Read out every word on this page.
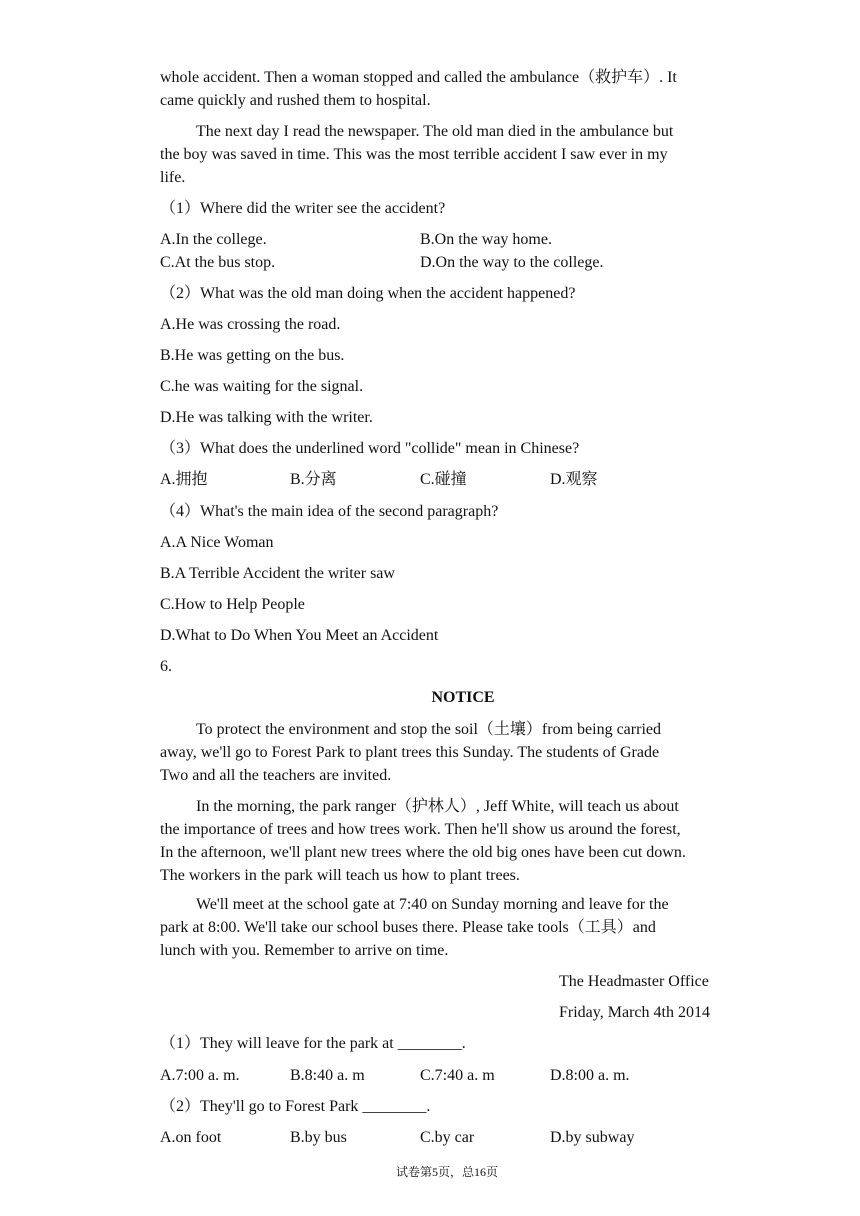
whole accident. Then a woman stopped and called the ambulance（救护车）. It
came quickly and rushed them to hospital.
The next day I read the newspaper. The old man died in the ambulance but
the boy was saved in time. This was the most terrible accident I saw ever in my
life.
（1）Where did the writer see the accident?
A.In the college.	B.On the way home.
C.At the bus stop.	D.On the way to the college.
（2）What was the old man doing when the accident happened?
A.He was crossing the road.
B.He was getting on the bus.
C.he was waiting for the signal.
D.He was talking with the writer.
（3）What does the underlined word "collide" mean in Chinese?
A.拥抱	B.分离	C.碰撞	D.观察
（4）What's the main idea of the second paragraph?
A.A Nice Woman
B.A Terrible Accident the writer saw
C.How to Help People
D.What to Do When You Meet an Accident
6.
NOTICE
To protect the environment and stop the soil（土壤）from being carried
away, we'll go to Forest Park to plant trees this Sunday. The students of Grade
Two and all the teachers are invited.
In the morning, the park ranger（护林人）, Jeff White, will teach us about
the importance of trees and how trees work. Then he'll show us around the forest,
In the afternoon, we'll plant new trees where the old big ones have been cut down.
The workers in the park will teach us how to plant trees.
We'll meet at the school gate at 7:40 on Sunday morning and leave for the
park at 8:00. We'll take our school buses there. Please take tools（工具）and
lunch with you. Remember to arrive on time.
The Headmaster Office
Friday, March 4th 2014
（1）They will leave for the park at ________.
A.7:00 a. m.	B.8:40 a. m	C.7:40 a. m	D.8:00 a. m.
（2）They'll go to Forest Park ________.
A.on foot	B.by bus	C.by car	D.by subway
试卷第5页，总16页
